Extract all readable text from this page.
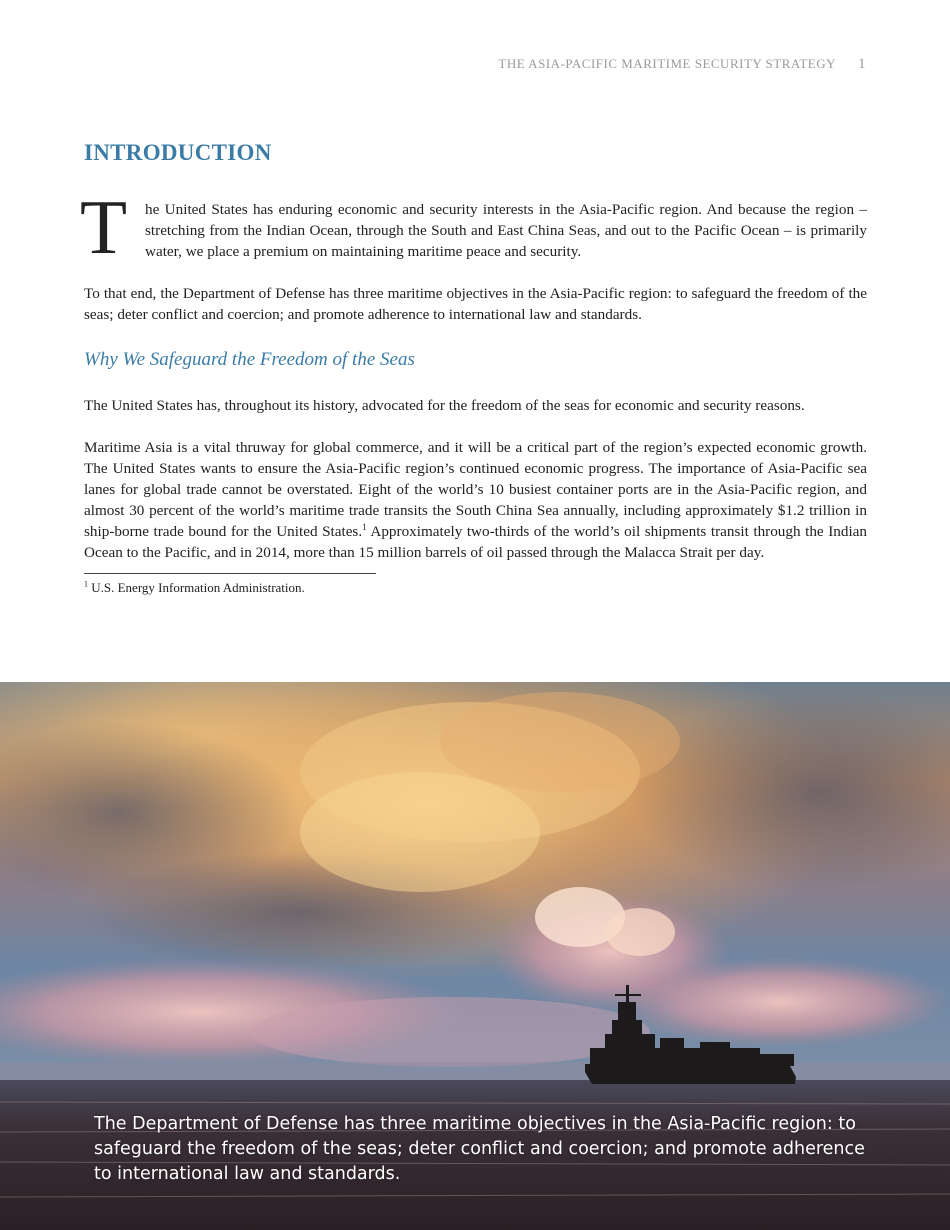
THE ASIA-PACIFIC MARITIME SECURITY STRATEGY 1
INTRODUCTION
T he United States has enduring economic and security interests in the Asia-Pacific region. And because the region – stretching from the Indian Ocean, through the South and East China Seas, and out to the Pacific Ocean – is primarily water, we place a premium on maintaining maritime peace and security.

To that end, the Department of Defense has three maritime objectives in the Asia-Pacific region: to safeguard the freedom of the seas; deter conflict and coercion; and promote adherence to international law and standards.

Why We Safeguard the Freedom of the Seas

The United States has, throughout its history, advocated for the freedom of the seas for economic and security reasons.

Maritime Asia is a vital thruway for global commerce, and it will be a critical part of the region’s expected economic growth. The United States wants to ensure the Asia-Pacific region’s continued economic progress. The importance of Asia-Pacific sea lanes for global trade cannot be overstated. Eight of the world’s 10 busiest container ports are in the Asia-Pacific region, and almost 30 percent of the world’s maritime trade transits the South China Sea annually, including approximately $1.2 trillion in ship-borne trade bound for the United States.$^1$ Approximately two-thirds of the world’s oil shipments transit through the Indian Ocean to the Pacific, and in 2014, more than 15 million barrels of oil passed through the Malacca Strait per day.

$^1$ U.S. Energy Information Administration.
The Department of Defense has three maritime objectives in the Asia-Pacific region: to safeguard the freedom of the seas; deter conflict and coercion; and promote adherence to international law and standards.
